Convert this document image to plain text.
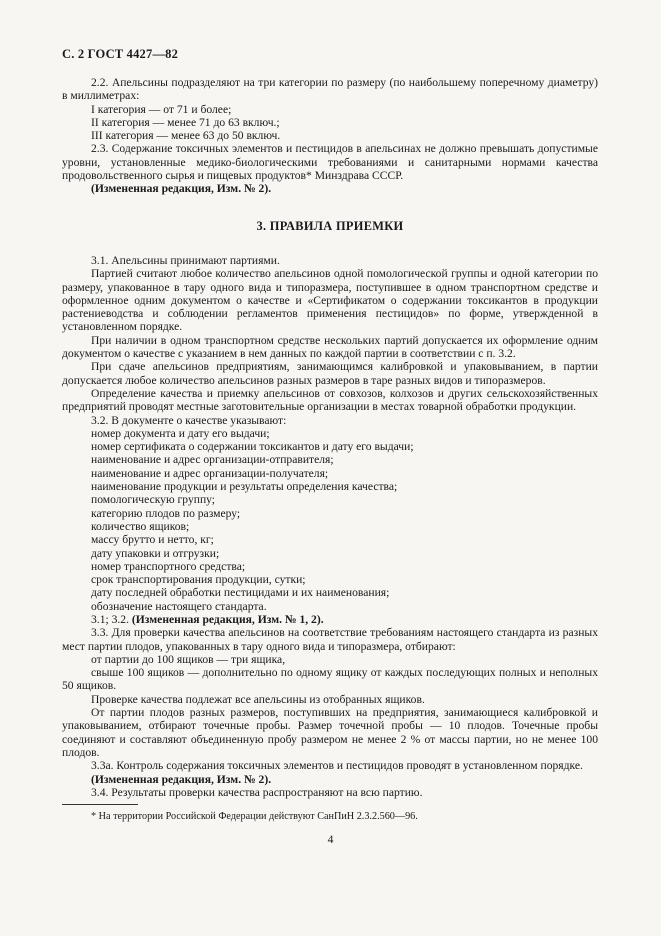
С. 2 ГОСТ 4427—82

2.2. Апельсины подразделяют на три категории по размеру (по наибольшему поперечному диаметру) в миллиметрах:

I категория — от 71 и более;

II категория — менее 71 до 63 включ.;

III категория — менее 63 до 50 включ.

2.3. Содержание токсичных элементов и пестицидов в апельсинах не должно превышать допустимые уровни, установленные медико-биологическими требованиями и санитарными нормами качества продовольственного сырья и пищевых продуктов* Минздрава СССР.

(Измененная редакция, Изм. № 2).

3. ПРАВИЛА ПРИЕМКИ

3.1. Апельсины принимают партиями.

Партией считают любое количество апельсинов одной помологической группы и одной категории по размеру, упакованное в тару одного вида и типоразмера, поступившее в одном транспортном средстве и оформленное одним документом о качестве и «Сертификатом о содержании токсикантов в продукции растениеводства и соблюдении регламентов применения пестицидов» по форме, утвержденной в установленном порядке.

При наличии в одном транспортном средстве нескольких партий допускается их оформление одним документом о качестве с указанием в нем данных по каждой партии в соответствии с п. 3.2.

При сдаче апельсинов предприятиям, занимающимся калибровкой и упаковыванием, в партии допускается любое количество апельсинов разных размеров в таре разных видов и типоразмеров.

Определение качества и приемку апельсинов от совхозов, колхозов и других сельскохозяйственных предприятий проводят местные заготовительные организации в местах товарной обработки продукции.

3.2. В документе о качестве указывают:

номер документа и дату его выдачи;

номер сертификата о содержании токсикантов и дату его выдачи;

наименование и адрес организации-отправителя;

наименование и адрес организации-получателя;

наименование продукции и результаты определения качества;

помологическую группу;

категорию плодов по размеру;

количество ящиков;

массу брутто и нетто, кг;

дату упаковки и отгрузки;

номер транспортного средства;

срок транспортирования продукции, сутки;

дату последней обработки пестицидами и их наименования;

обозначение настоящего стандарта.

3.1; 3.2. (Измененная редакция, Изм. № 1, 2).

3.3. Для проверки качества апельсинов на соответствие требованиям настоящего стандарта из разных мест партии плодов, упакованных в тару одного вида и типоразмера, отбирают:

от партии до 100 ящиков — три ящика,

свыше 100 ящиков — дополнительно по одному ящику от каждых последующих полных и неполных 50 ящиков.

Проверке качества подлежат все апельсины из отобранных ящиков.

От партии плодов разных размеров, поступивших на предприятия, занимающиеся калибровкой и упаковыванием, отбирают точечные пробы. Размер точечной пробы — 10 плодов. Точечные пробы соединяют и составляют объединенную пробу размером не менее 2 % от массы партии, но не менее 100 плодов.

3.3а. Контроль содержания токсичных элементов и пестицидов проводят в установленном порядке.

(Измененная редакция, Изм. № 2).

3.4. Результаты проверки качества распространяют на всю партию.

* На территории Российской Федерации действуют СанПиН 2.3.2.560—96.

4
